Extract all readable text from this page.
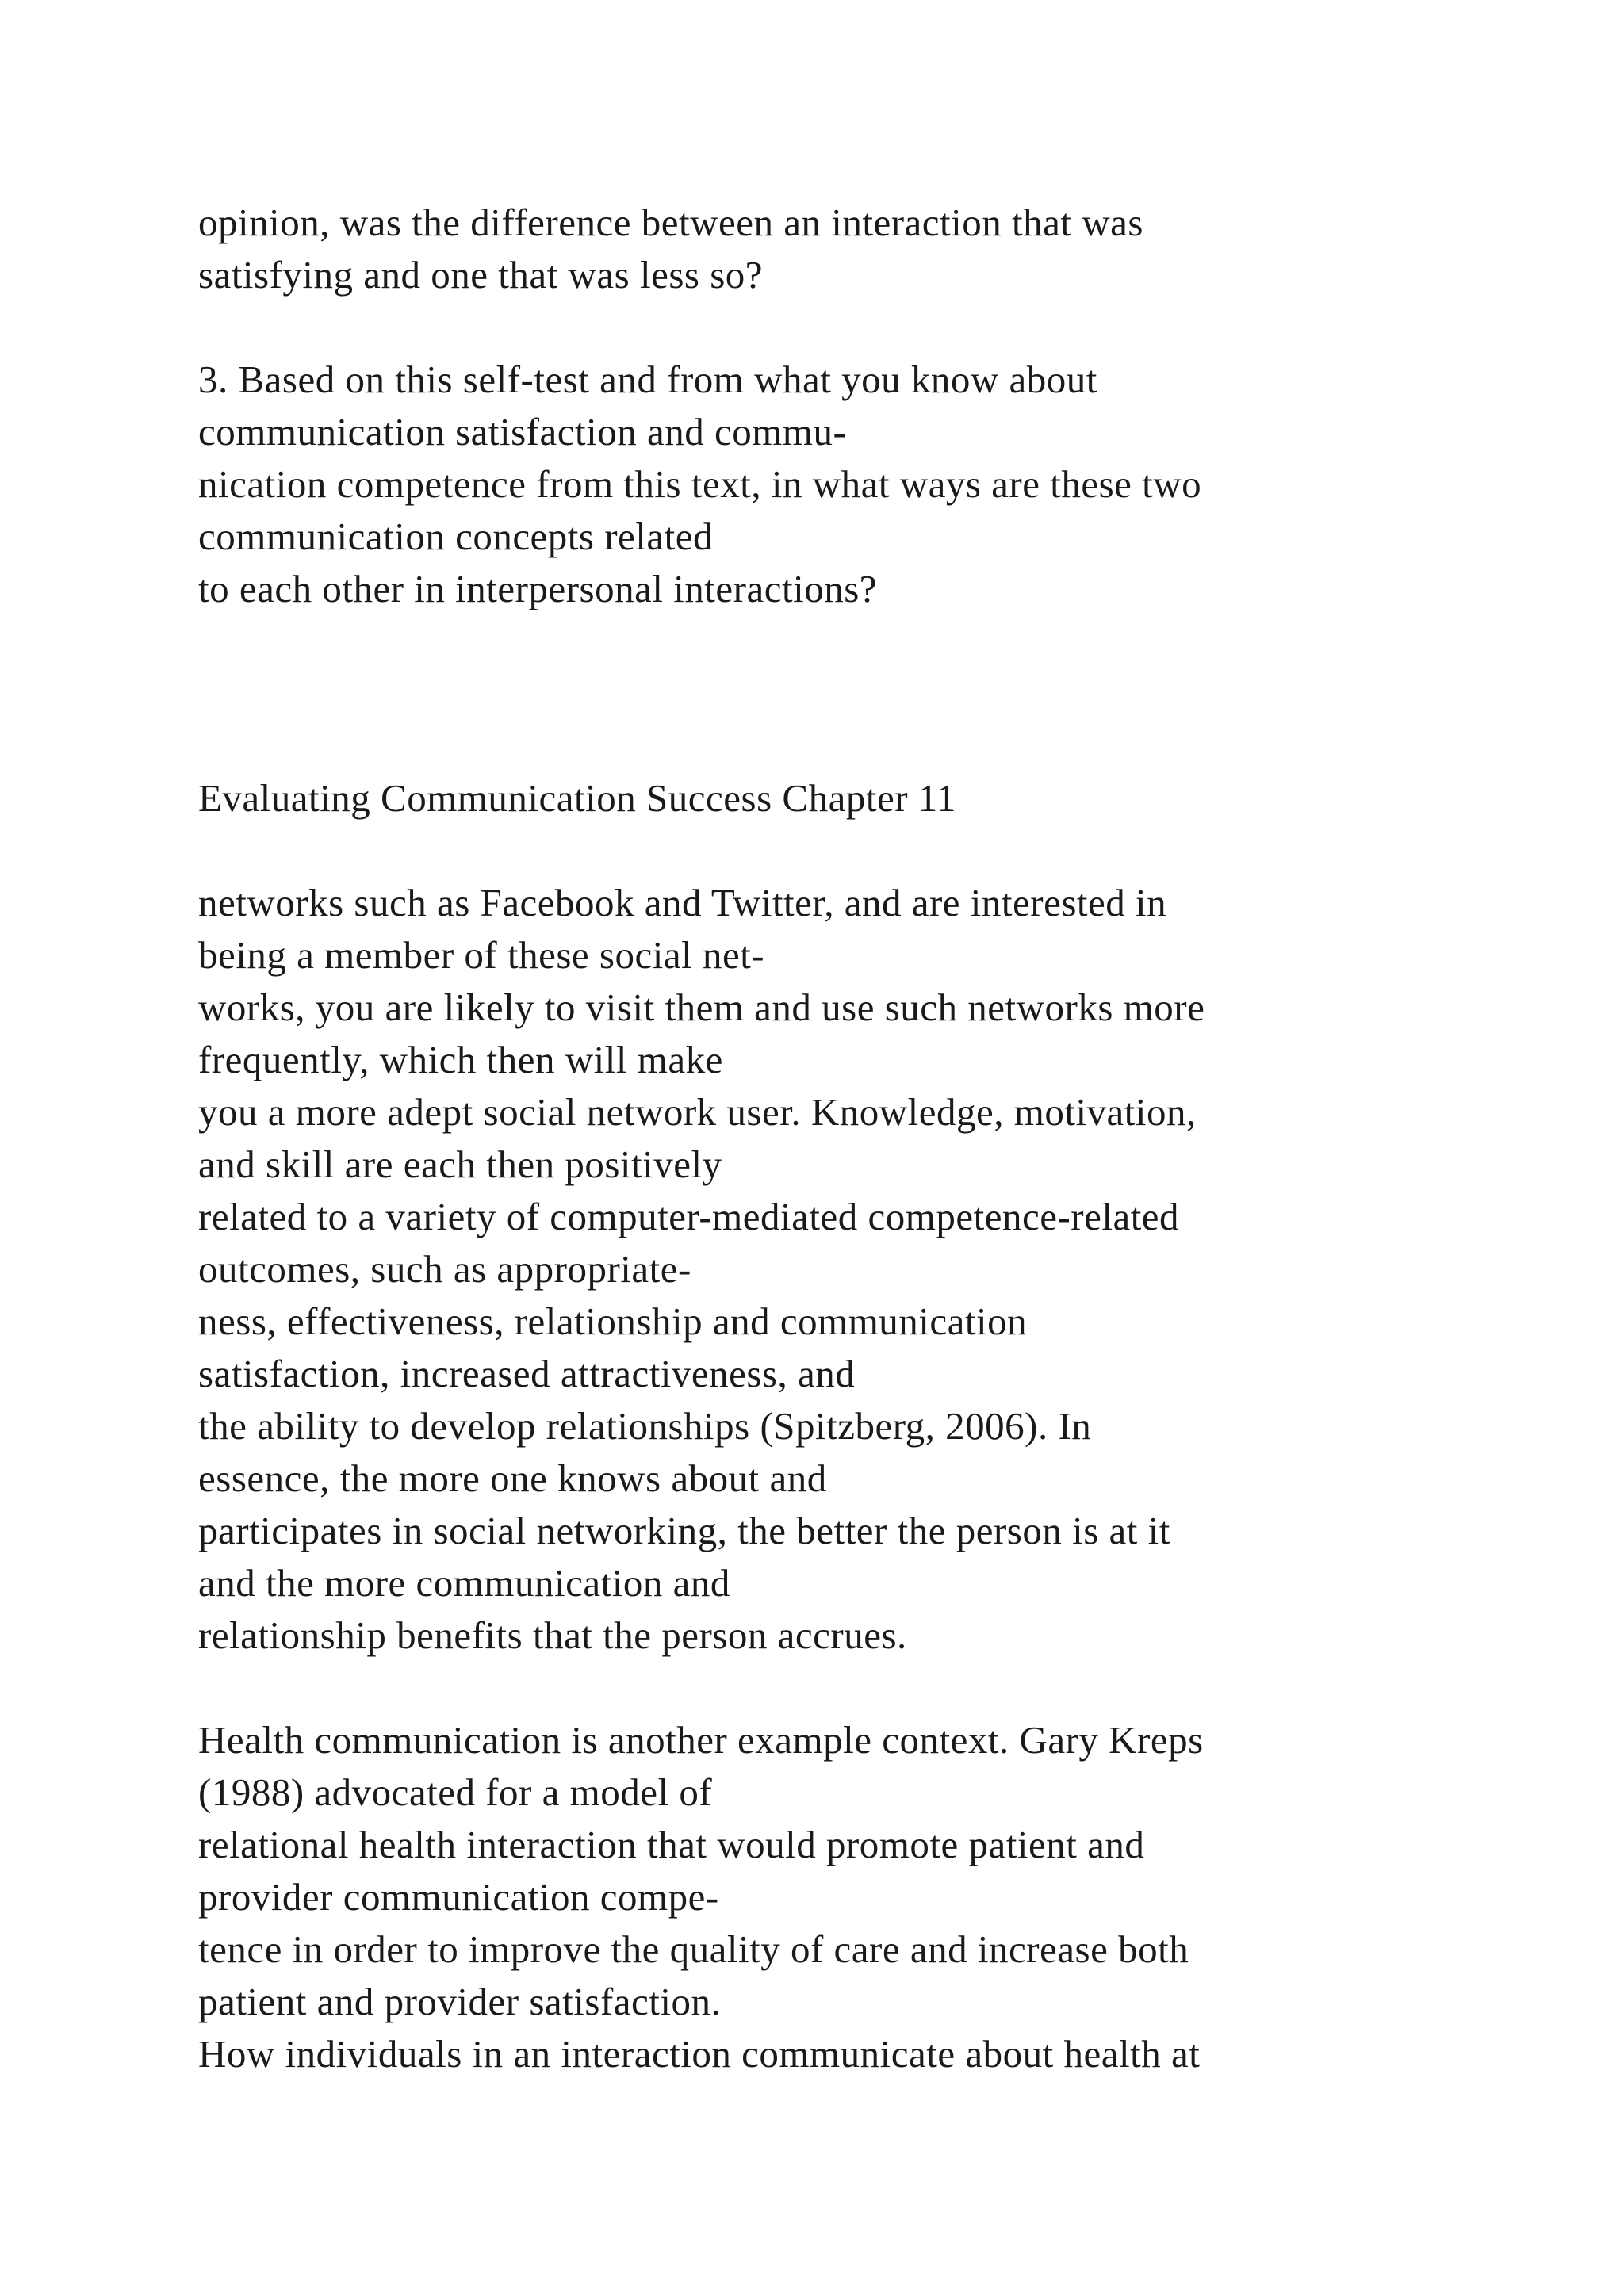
opinion, was the difference between an interaction that was
satisfying and one that was less so?
3. Based on this self-test and from what you know about
communication satisfaction and commu-
nication competence from this text, in what ways are these two
communication concepts related
to each other in interpersonal interactions?
Evaluating Communication Success Chapter 11
networks such as Facebook and Twitter, and are interested in
being a member of these social net-
works, you are likely to visit them and use such networks more
frequently, which then will make
you a more adept social network user. Knowledge, motivation,
and skill are each then positively
related to a variety of computer-mediated competence-related
outcomes, such as appropriate-
ness, effectiveness, relationship and communication
satisfaction, increased attractiveness, and
the ability to develop relationships (Spitzberg, 2006). In
essence, the more one knows about and
participates in social networking, the better the person is at it
and the more communication and
relationship benefits that the person accrues.
Health communication is another example context. Gary Kreps
(1988) advocated for a model of
relational health interaction that would promote patient and
provider communication compe-
tence in order to improve the quality of care and increase both
patient and provider satisfaction.
How individuals in an interaction communicate about health at
